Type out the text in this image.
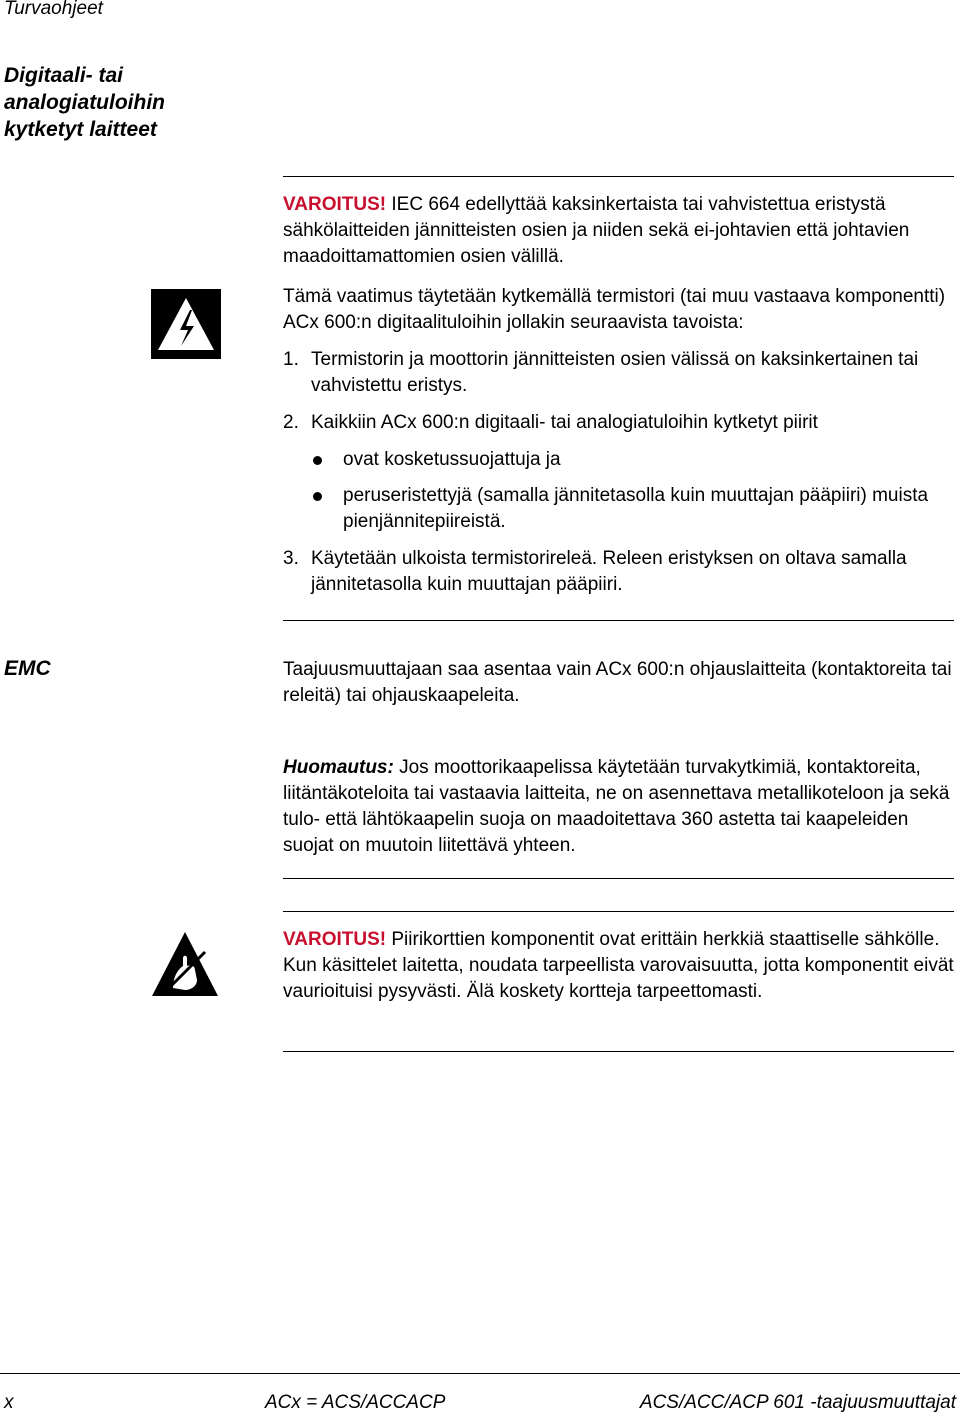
Turvaohjeet
Digitaali- tai
analogiatuloihin
kytketyt laitteet

VAROITUS! IEC 664 edellyttää kaksinkertaista tai vahvistettua eristystä sähkölaitteiden jännitteisten osien ja niiden sekä ei-johtavien että johtavien maadoittamattomien osien välillä.

Tämä vaatimus täytetään kytkemällä termistori (tai muu vastaava komponentti) ACx 600:n digitaalituloihin jollakin seuraavista tavoista:

1. Termistorin ja moottorin jännitteisten osien välissä on kaksinkertainen tai vahvistettu eristys.
2. Kaikkiin ACx 600:n digitaali- tai analogiatuloihin kytketyt piirit
ovat kosketussuojattuja ja
peruseristettyjä (samalla jännitetasolla kuin muuttajan pääpiiri) muista pienjännitepiireistä.
3. Käytetään ulkoista termistorireleä. Releen eristyksen on oltava samalla jännitetasolla kuin muuttajan pääpiiri.
EMC	Taajuusmuuttajaan saa asentaa vain ACx 600:n ohjauslaitteita (kontaktoreita tai releitä) tai ohjauskaapeleita.

Huomautus: Jos moottorikaapelissa käytetään turvakytkimiä, kontaktoreita, liitäntäkoteloita tai vastaavia laitteita, ne on asennettava metallikoteloon ja sekä tulo- että lähtökaapelin suoja on maadoitettava 360 astetta tai kaapeleiden suojat on muutoin liitettävä yhteen.

VAROITUS! Piirikorttien komponentit ovat erittäin herkkiä staattiselle sähkölle. Kun käsittelet laitetta, noudata tarpeellista varovaisuutta, jotta komponentit eivät vaurioituisi pysyvästi. Älä koskety kortteja tarpeettomasti.

x	ACx = ACS/ACCACP	ACS/ACC/ACP 601 -taajuusmuuttajat
